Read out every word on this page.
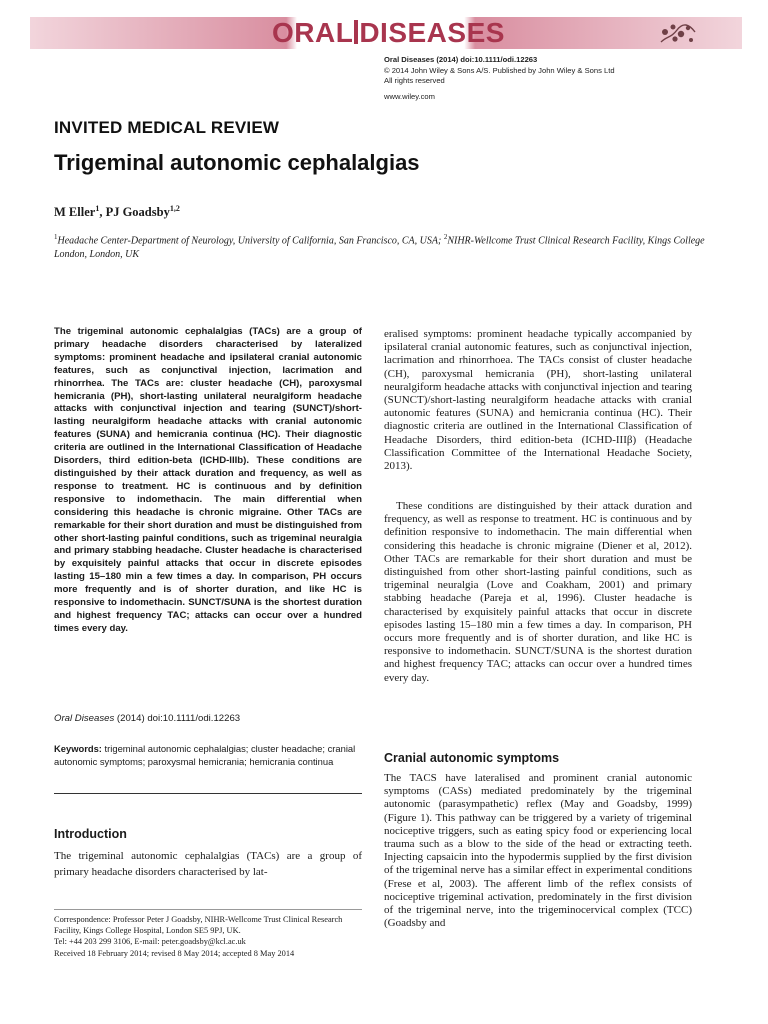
ORAL DISEASES
Oral Diseases (2014) doi:10.1111/odi.12263
© 2014 John Wiley & Sons A/S. Published by John Wiley & Sons Ltd
All rights reserved
www.wiley.com
INVITED MEDICAL REVIEW
Trigeminal autonomic cephalalgias
M Eller$^1$, PJ Goadsby$^{1,2}$
$^1$Headache Center-Department of Neurology, University of California, San Francisco, CA, USA; $^2$NIHR-Wellcome Trust Clinical Research Facility, Kings College London, London, UK

The trigeminal autonomic cephalalgias (TACs) are a group of primary headache disorders characterised by lateralized symptoms: prominent headache and ipsilateral cranial autonomic features, such as conjunctival injection, lacrimation and rhinorrhea. The TACs are: cluster headache (CH), paroxysmal hemicrania (PH), short-lasting unilateral neuralgiform headache attacks with conjunctival injection and tearing (SUNCT)/short-lasting neuralgiform headache attacks with cranial autonomic features (SUNA) and hemicrania continua (HC). Their diagnostic criteria are outlined in the International Classification of Headache Disorders, third edition-beta (ICHD-IIIb). These conditions are distinguished by their attack duration and frequency, as well as response to treatment. HC is continuous and by definition responsive to indomethacin. The main differential when considering this headache is chronic migraine. Other TACs are remarkable for their short duration and must be distinguished from other short-lasting painful conditions, such as trigeminal neuralgia and primary stabbing headache. Cluster headache is characterised by exquisitely painful attacks that occur in discrete episodes lasting 15–180 min a few times a day. In comparison, PH occurs more frequently and is of shorter duration, and like HC is responsive to indomethacin. SUNCT/SUNA is the shortest duration and highest frequency TAC; attacks can occur over a hundred times every day.

Oral Diseases (2014) doi:10.1111/odi.12263
Keywords: trigeminal autonomic cephalalgias; cluster headache; cranial autonomic symptoms; paroxysmal hemicrania; hemicrania continua
Introduction

The trigeminal autonomic cephalalgias (TACs) are a group of primary headache disorders characterised by lat-

Correspondence: Professor Peter J Goadsby, NIHR-Wellcome Trust Clinical Research Facility, Kings College Hospital, London SE5 9PJ, UK.
Tel: +44 203 299 3106, E-mail: peter.goadsby@kcl.ac.uk
Received 18 February 2014; revised 8 May 2014; accepted 8 May 2014

eralised symptoms: prominent headache typically accompanied by ipsilateral cranial autonomic features, such as conjunctival injection, lacrimation and rhinorrhoea. The TACs consist of cluster headache (CH), paroxysmal hemicrania (PH), short-lasting unilateral neuralgiform headache attacks with conjunctival injection and tearing (SUNCT)/short-lasting neuralgiform headache attacks with cranial autonomic features (SUNA) and hemicrania continua (HC). Their diagnostic criteria are outlined in the International Classification of Headache Disorders, third edition-beta (ICHD-IIIβ) (Headache Classification Committee of the International Headache Society, 2013).

These conditions are distinguished by their attack duration and frequency, as well as response to treatment. HC is continuous and by definition responsive to indomethacin. The main differential when considering this headache is chronic migraine (Diener et al, 2012). Other TACs are remarkable for their short duration and must be distinguished from other short-lasting painful conditions, such as trigeminal neuralgia (Love and Coakham, 2001) and primary stabbing headache (Pareja et al, 1996). Cluster headache is characterised by exquisitely painful attacks that occur in discrete episodes lasting 15–180 min a few times a day. In comparison, PH occurs more frequently and is of shorter duration, and like HC is responsive to indomethacin. SUNCT/SUNA is the shortest duration and highest frequency TAC; attacks can occur over a hundred times every day.

Cranial autonomic symptoms

The TACS have lateralised and prominent cranial autonomic symptoms (CASs) mediated predominately by the trigeminal autonomic (parasympathetic) reflex (May and Goadsby, 1999) (Figure 1). This pathway can be triggered by a variety of trigeminal nociceptive triggers, such as eating spicy food or experiencing local trauma such as a blow to the side of the head or extracting teeth. Injecting capsaicin into the hypodermis supplied by the first division of the trigeminal nerve has a similar effect in experimental conditions (Frese et al, 2003). The afferent limb of the reflex consists of nociceptive trigeminal activation, predominately in the first division of the trigeminal nerve, into the trigeminocervical complex (TCC) (Goadsby and
